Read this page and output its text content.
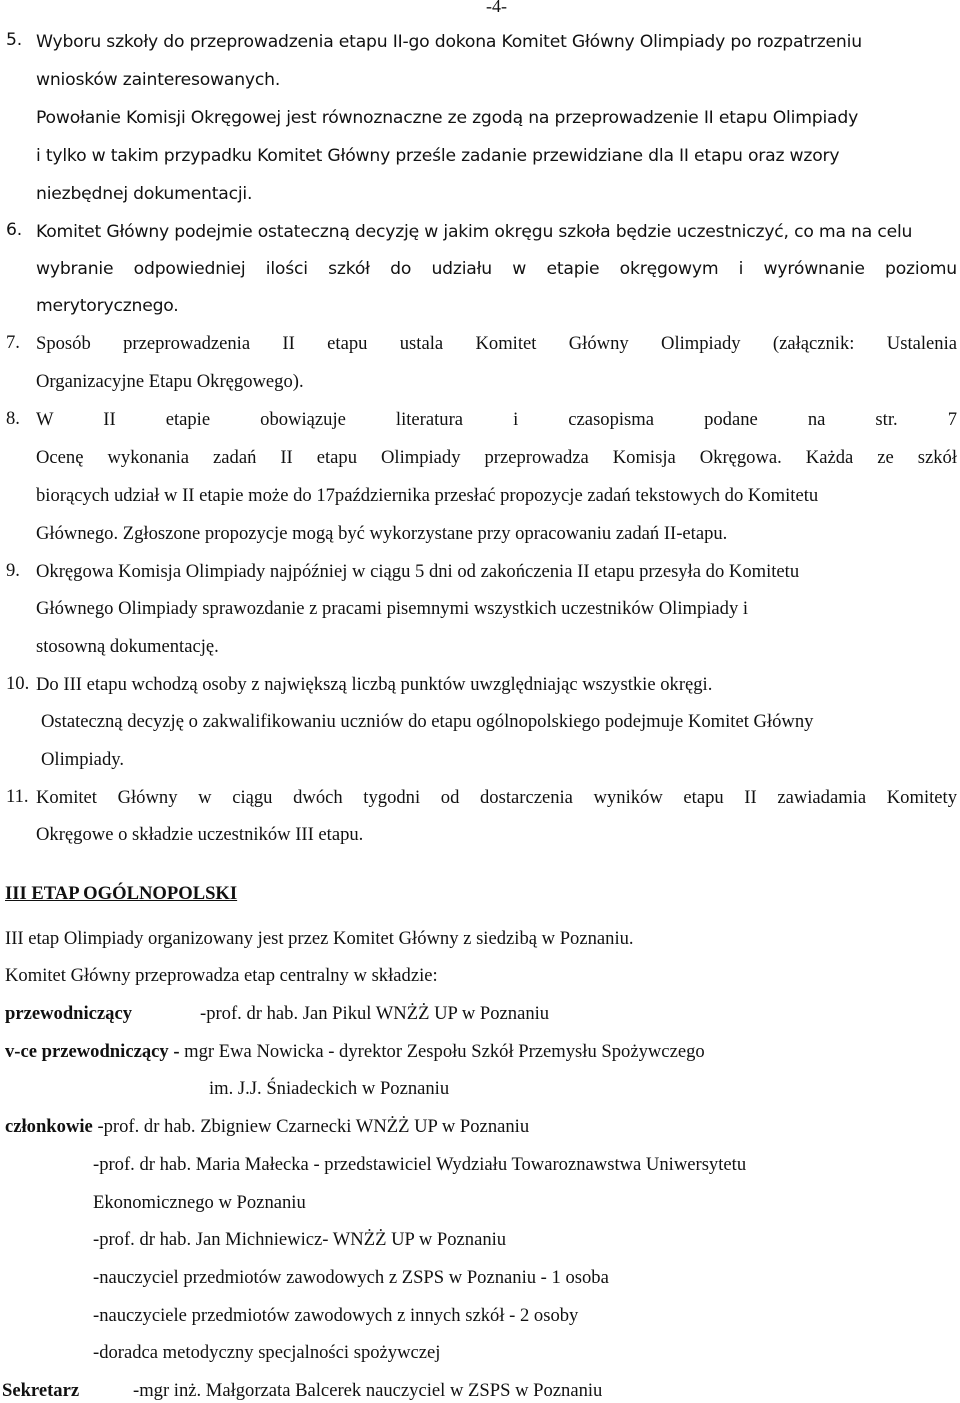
-4-
5. Wyboru szkoły do przeprowadzenia etapu II-go dokona Komitet Główny Olimpiady po rozpatrzeniu
wniosków zainteresowanych.
Powołanie Komisji Okręgowej jest równoznaczne ze zgodą na przeprowadzenie II etapu Olimpiady
i tylko w takim przypadku Komitet Główny prześle zadanie przewidziane dla II etapu oraz wzory
niezbędnej dokumentacji.
6. Komitet Główny podejmie ostateczną decyzję w jakim okręgu szkoła będzie uczestniczyć, co ma na celu
wybranie odpowiedniej ilości szkół do udziału w etapie okręgowym i wyrównanie poziomu
merytorycznego.
7. Sposób przeprowadzenia II etapu ustala Komitet Główny Olimpiady (załącznik: Ustalenia
Organizacyjne Etapu Okręgowego).
8. W II etapie obowiązuje literatura i czasopisma podane na str. 7
Ocenę wykonania zadań II etapu Olimpiady przeprowadza Komisja Okręgowa. Każda ze szkół
biorących udział w II etapie może do 17października przesłać propozycje zadań tekstowych do Komitetu
Głównego. Zgłoszone propozycje mogą być wykorzystane przy opracowaniu zadań II-etapu.
9. Okręgowa Komisja Olimpiady najpóźniej w ciągu 5 dni od zakończenia II etapu przesyła do Komitetu
Głównego Olimpiady sprawozdanie z pracami pisemnymi wszystkich uczestników Olimpiady i
stosowną dokumentację.
10. Do III etapu wchodzą osoby z największą liczbą punktów uwzględniając wszystkie okręgi.
Ostateczną decyzję o zakwalifikowaniu uczniów do etapu ogólnopolskiego podejmuje Komitet Główny
Olimpiady.
11. Komitet Główny w ciągu dwóch tygodni od dostarczenia wyników etapu II zawiadamia Komitety
Okręgowe o składzie uczestników III etapu.
III ETAP OGÓLNOPOLSKI
III etap Olimpiady organizowany jest przez Komitet Główny z siedzibą w Poznaniu.
Komitet Główny przeprowadza etap centralny w składzie:
przewodniczący	-prof. dr hab. Jan Pikul WNŻŻ UP w Poznaniu
v-ce przewodniczący - mgr Ewa Nowicka - dyrektor Zespołu Szkół Przemysłu Spożywczego
im. J.J. Śniadeckich w Poznaniu
członkowie -prof. dr hab. Zbigniew Czarnecki WNŻŻ UP w Poznaniu
-prof. dr hab. Maria Małecka - przedstawiciel Wydziału Towaroznawstwa Uniwersytetu
Ekonomicznego w Poznaniu
-prof. dr hab. Jan Michniewicz- WNŻŻ UP w Poznaniu
-nauczyciel przedmiotów zawodowych z ZSPS w Poznaniu - 1 osoba
-nauczyciele przedmiotów zawodowych z innych szkół - 2 osoby
-doradca metodyczny specjalności spożywczej
Sekretarz	-mgr inż. Małgorzata Balcerek nauczyciel w ZSPS w Poznaniu
